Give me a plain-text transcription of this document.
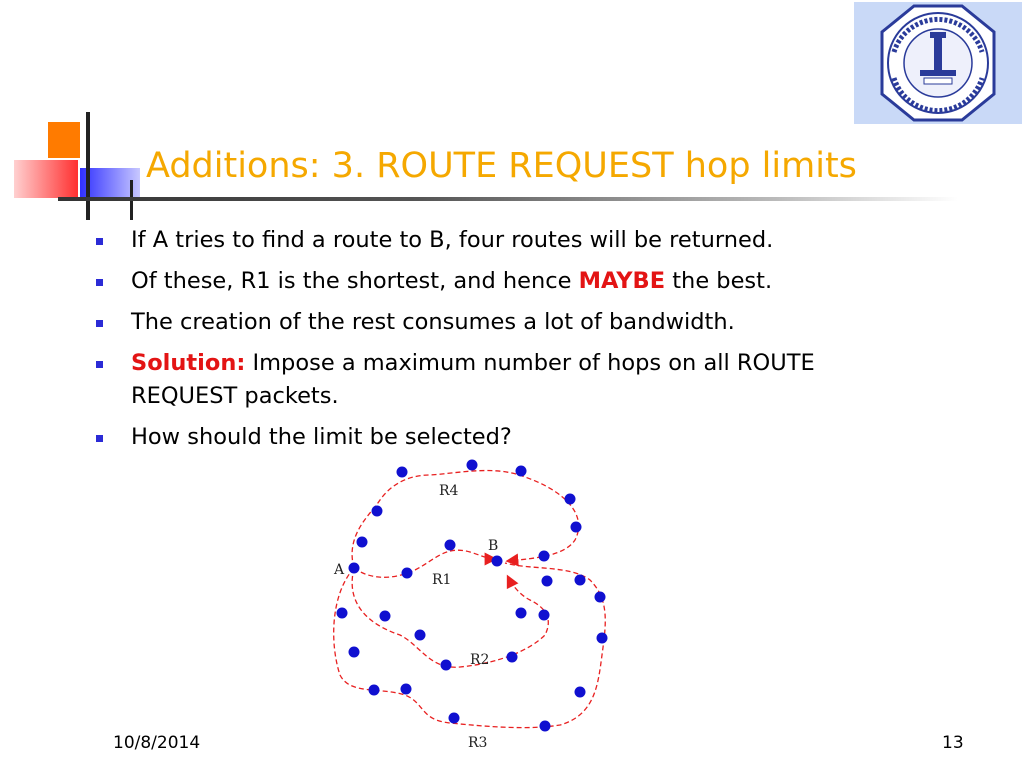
Additions: 3. ROUTE REQUEST hop limits
If A tries to find a route to B, four routes will be returned.
Of these, R1 is the shortest, and hence MAYBE the best.
The creation of the rest consumes a lot of bandwidth.
Solution: Impose a maximum number of hops on all ROUTE REQUEST packets.
How should the limit be selected?
A
B
R4
R1
R2
R3
10/8/2014	13
